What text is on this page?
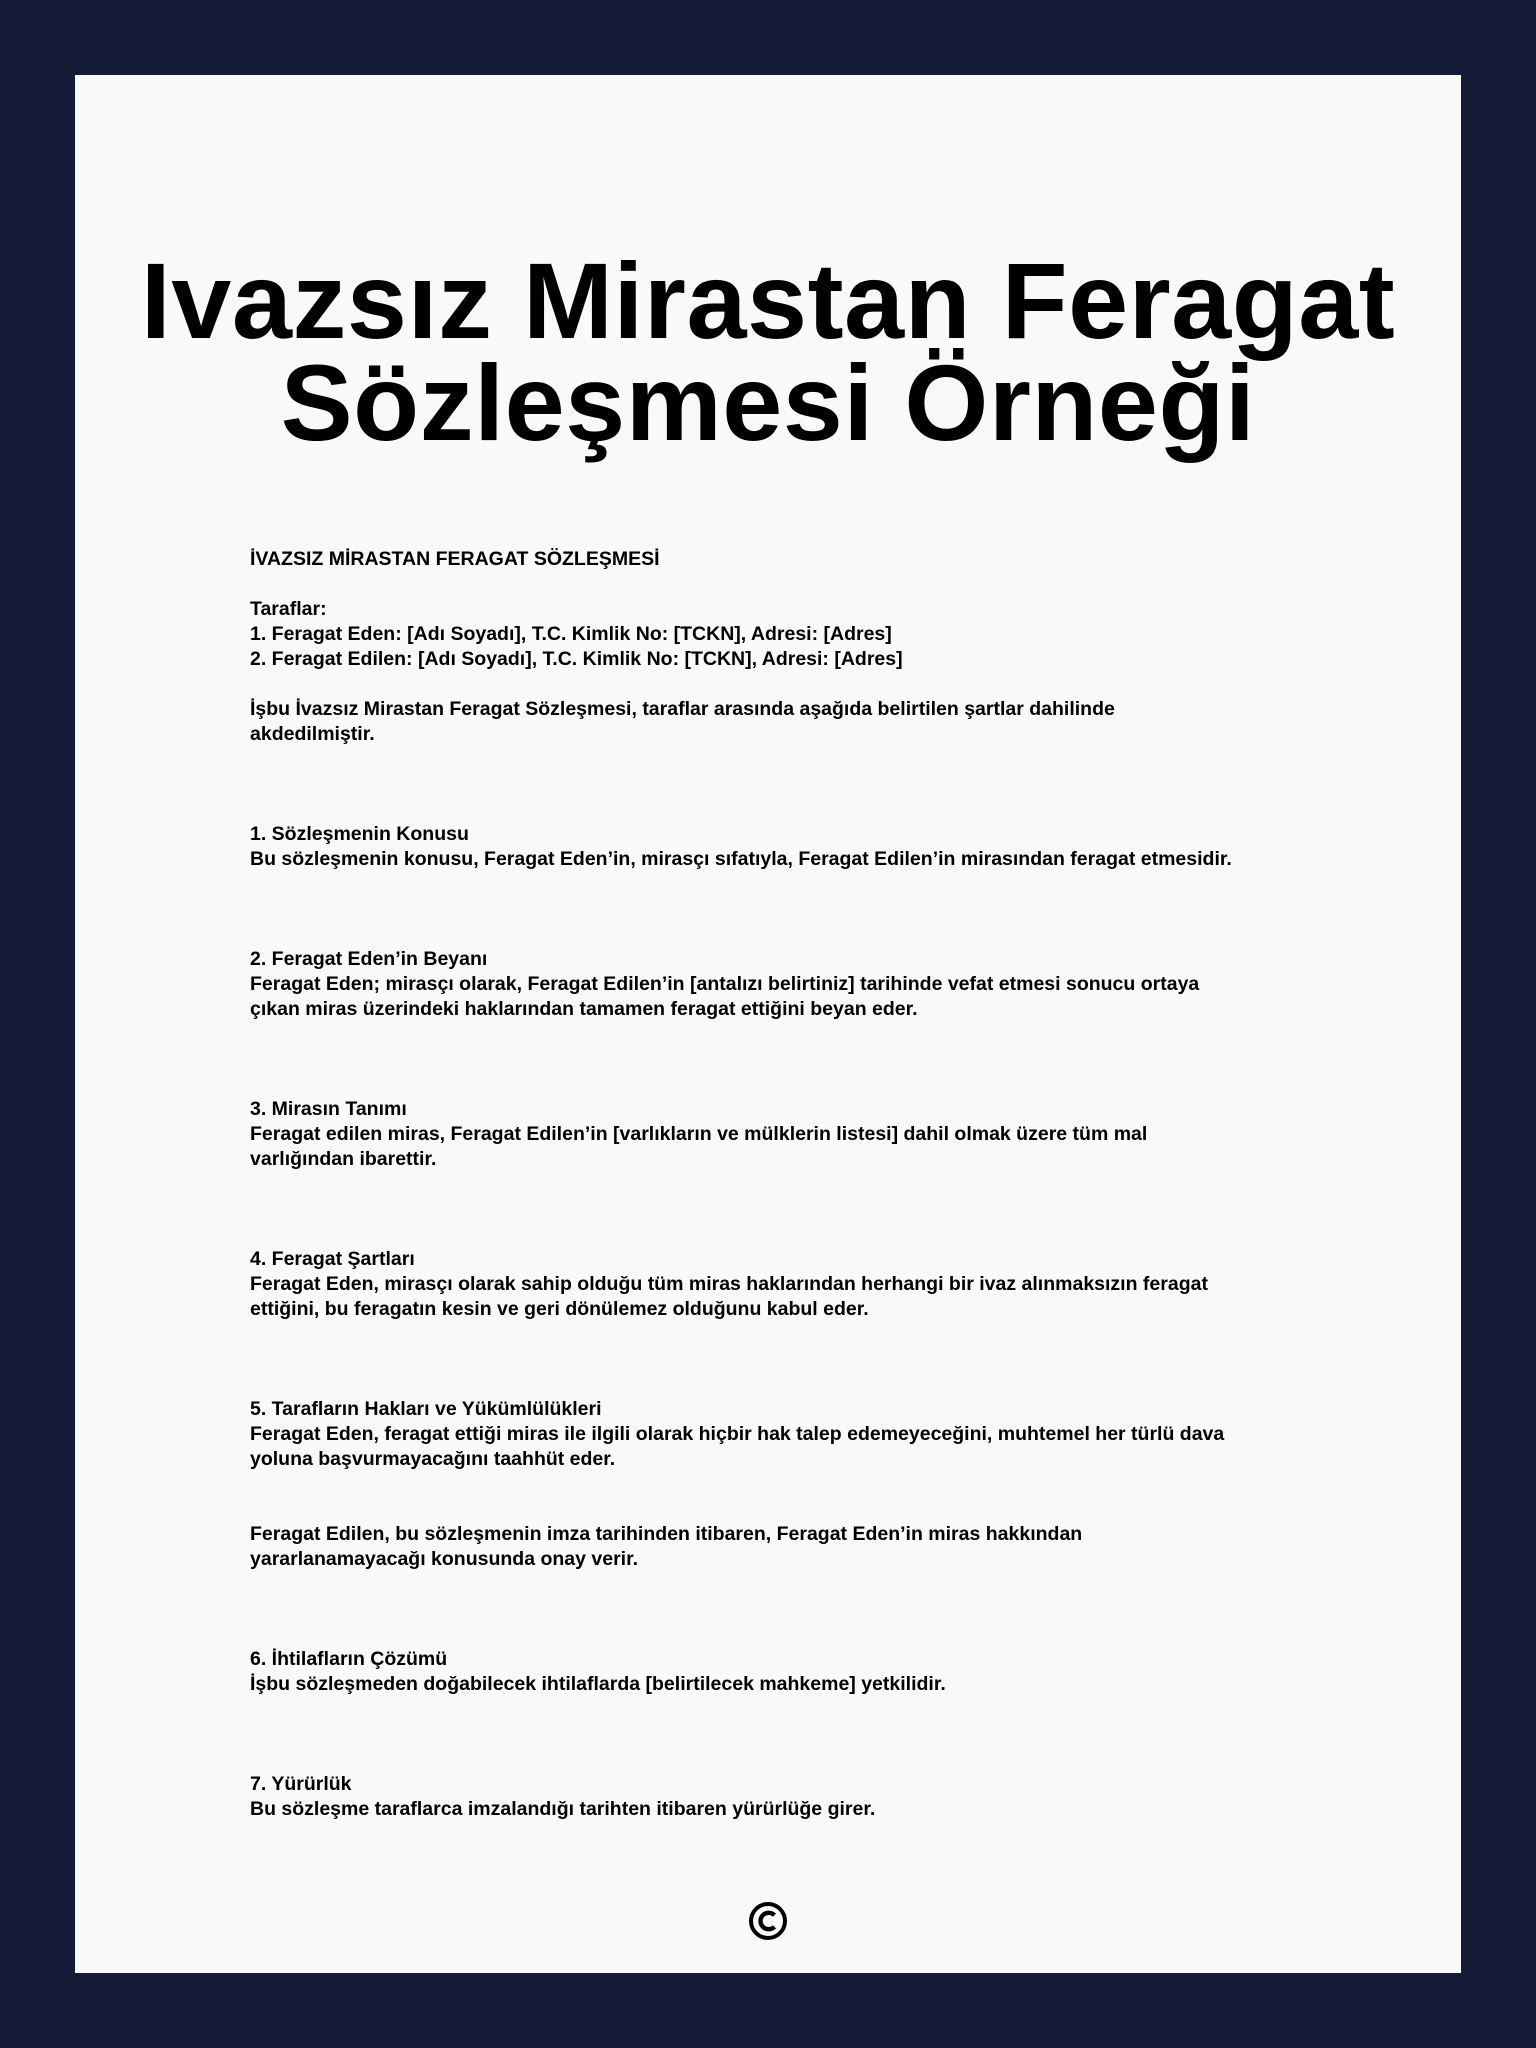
Ivazsız Mirastan Feragat
Sözleşmesi Örneği

İVAZSIZ MİRASTAN FERAGAT SÖZLEŞMESİ

Taraflar:

1. Feragat Eden: [Adı Soyadı], T.C. Kimlik No: [TCKN], Adresi: [Adres]

2. Feragat Edilen: [Adı Soyadı], T.C. Kimlik No: [TCKN], Adresi: [Adres]

İşbu İvazsız Mirastan Feragat Sözleşmesi, taraflar arasında aşağıda belirtilen şartlar dahilinde

akdedilmiştir.

1. Sözleşmenin Konusu

Bu sözleşmenin konusu, Feragat Eden’in, mirasçı sıfatıyla, Feragat Edilen’in mirasından feragat etmesidir.

2. Feragat Eden’in Beyanı

Feragat Eden; mirasçı olarak, Feragat Edilen’in [antalızı belirtiniz] tarihinde vefat etmesi sonucu ortaya

çıkan miras üzerindeki haklarından tamamen feragat ettiğini beyan eder.

3. Mirasın Tanımı

Feragat edilen miras, Feragat Edilen’in [varlıkların ve mülklerin listesi] dahil olmak üzere tüm mal

varlığından ibarettir.

4. Feragat Şartları

Feragat Eden, mirasçı olarak sahip olduğu tüm miras haklarından herhangi bir ivaz alınmaksızın feragat

ettiğini, bu feragatın kesin ve geri dönülemez olduğunu kabul eder.

5. Tarafların Hakları ve Yükümlülükleri

Feragat Eden, feragat ettiği miras ile ilgili olarak hiçbir hak talep edemeyeceğini, muhtemel her türlü dava

yoluna başvurmayacağını taahhüt eder.

Feragat Edilen, bu sözleşmenin imza tarihinden itibaren, Feragat Eden’in miras hakkından

yararlanamayacağı konusunda onay verir.

6. İhtilafların Çözümü

İşbu sözleşmeden doğabilecek ihtilaflarda [belirtilecek mahkeme] yetkilidir.

7. Yürürlük

Bu sözleşme taraflarca imzalandığı tarihten itibaren yürürlüğe girer.
